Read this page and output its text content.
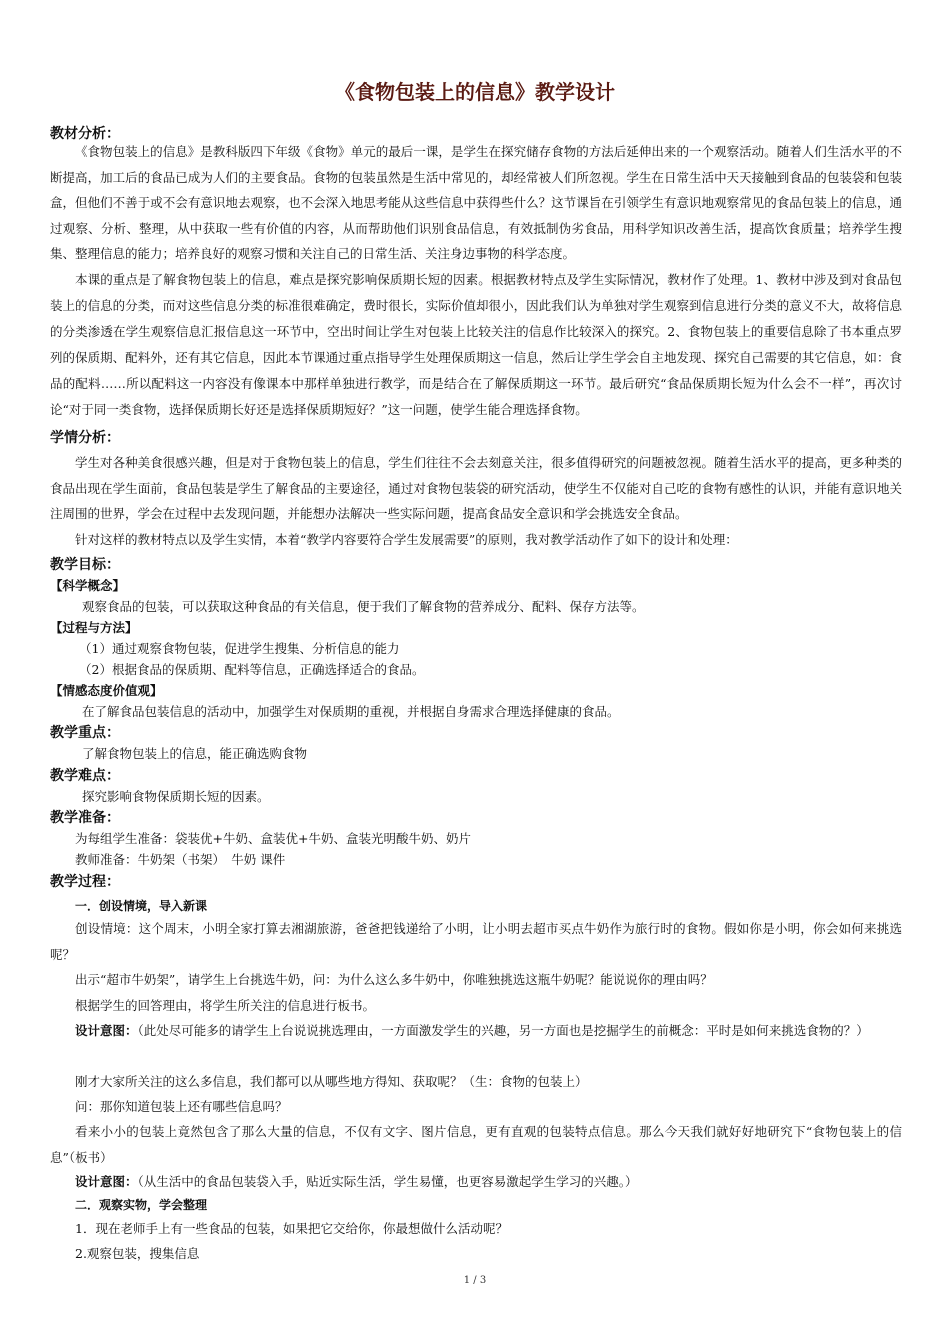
《食物包装上的信息》教学设计
教材分析：
《食物包装上的信息》是教科版四下年级《食物》单元的最后一课，是学生在探究储存食物的方法后延伸出来的一个观察活动。随着人们生活水平的不断提高，加工后的食品已成为人们的主要食品。食物的包装虽然是生活中常见的，却经常被人们所忽视。学生在日常生活中天天接触到食品的包装袋和包装盒，但他们不善于或不会有意识地去观察，也不会深入地思考能从这些信息中获得些什么？这节课旨在引领学生有意识地观察常见的食品包装上的信息，通过观察、分析、整理，从中获取一些有价值的内容，从而帮助他们识别食品信息，有效抵制伪劣食品，用科学知识改善生活，提高饮食质量；培养学生搜集、整理信息的能力；培养良好的观察习惯和关注自己的日常生活、关注身边事物的科学态度。
本课的重点是了解食物包装上的信息，难点是探究影响保质期长短的因素。根据教材特点及学生实际情况，教材作了处理。1、教材中涉及到对食品包装上的信息的分类，而对这些信息分类的标准很难确定，费时很长，实际价值却很小，因此我们认为单独对学生观察到信息进行分类的意义不大，故将信息的分类渗透在学生观察信息汇报信息这一环节中，空出时间让学生对包装上比较关注的信息作比较深入的探究。2、食物包装上的重要信息除了书本重点罗列的保质期、配料外，还有其它信息，因此本节课通过重点指导学生处理保质期这一信息，然后让学生学会自主地发现、探究自己需要的其它信息，如：食品的配料……所以配料这一内容没有像课本中那样单独进行教学，而是结合在了解保质期这一环节。最后研究“食品保质期长短为什么会不一样”，再次讨论“对于同一类食物，选择保质期长好还是选择保质期短好？”这一问题，使学生能合理选择食物。
学情分析：
学生对各种美食很感兴趣，但是对于食物包装上的信息，学生们往往不会去刻意关注，很多值得研究的问题被忽视。随着生活水平的提高，更多种类的食品出现在学生面前，食品包装是学生了解食品的主要途径，通过对食物包装袋的研究活动，使学生不仅能对自己吃的食物有感性的认识，并能有意识地关注周围的世界，学会在过程中去发现问题，并能想办法解决一些实际问题，提高食品安全意识和学会挑选安全食品。
针对这样的教材特点以及学生实情，本着“教学内容要符合学生发展需要”的原则，我对教学活动作了如下的设计和处理：
教学目标：
【科学概念】
观察食品的包装，可以获取这种食品的有关信息，便于我们了解食物的营养成分、配料、保存方法等。
【过程与方法】
（1）通过观察食物包装，促进学生搜集、分析信息的能力
（2）根据食品的保质期、配料等信息，正确选择适合的食品。
【情感态度价值观】
在了解食品包装信息的活动中，加强学生对保质期的重视，并根据自身需求合理选择健康的食品。
教学重点：
了解食物包装上的信息，能正确选购食物
教学难点：
探究影响食物保质期长短的因素。
教学准备：
为每组学生准备：袋装优+牛奶、盒装优+牛奶、盒装光明酸牛奶、奶片
教师准备：牛奶架（书架）　牛奶 课件
教学过程：
一．创设情境，导入新课
创设情境：这个周末，小明全家打算去湘湖旅游，爸爸把钱递给了小明，让小明去超市买点牛奶作为旅行时的食物。假如你是小明，你会如何来挑选呢？
出示“超市牛奶架”，请学生上台挑选牛奶，问：为什么这么多牛奶中，你唯独挑选这瓶牛奶呢？能说说你的理由吗？
根据学生的回答理由，将学生所关注的信息进行板书。
设计意图：（此处尽可能多的请学生上台说说挑选理由，一方面激发学生的兴趣，另一方面也是挖掘学生的前概念：平时是如何来挑选食物的？）
刚才大家所关注的这么多信息，我们都可以从哪些地方得知、获取呢？（生：食物的包装上）
问：那你知道包装上还有哪些信息吗？
看来小小的包装上竟然包含了那么大量的信息，不仅有文字、图片信息，更有直观的包装特点信息。那么今天我们就好好地研究下“食物包装上的信息”（板书）
设计意图：（从生活中的食品包装袋入手，贴近实际生活，学生易懂，也更容易激起学生学习的兴趣。）
二．观察实物，学会整理
1．现在老师手上有一些食品的包装，如果把它交给你，你最想做什么活动呢？
2.观察包装，搜集信息
1 / 3
